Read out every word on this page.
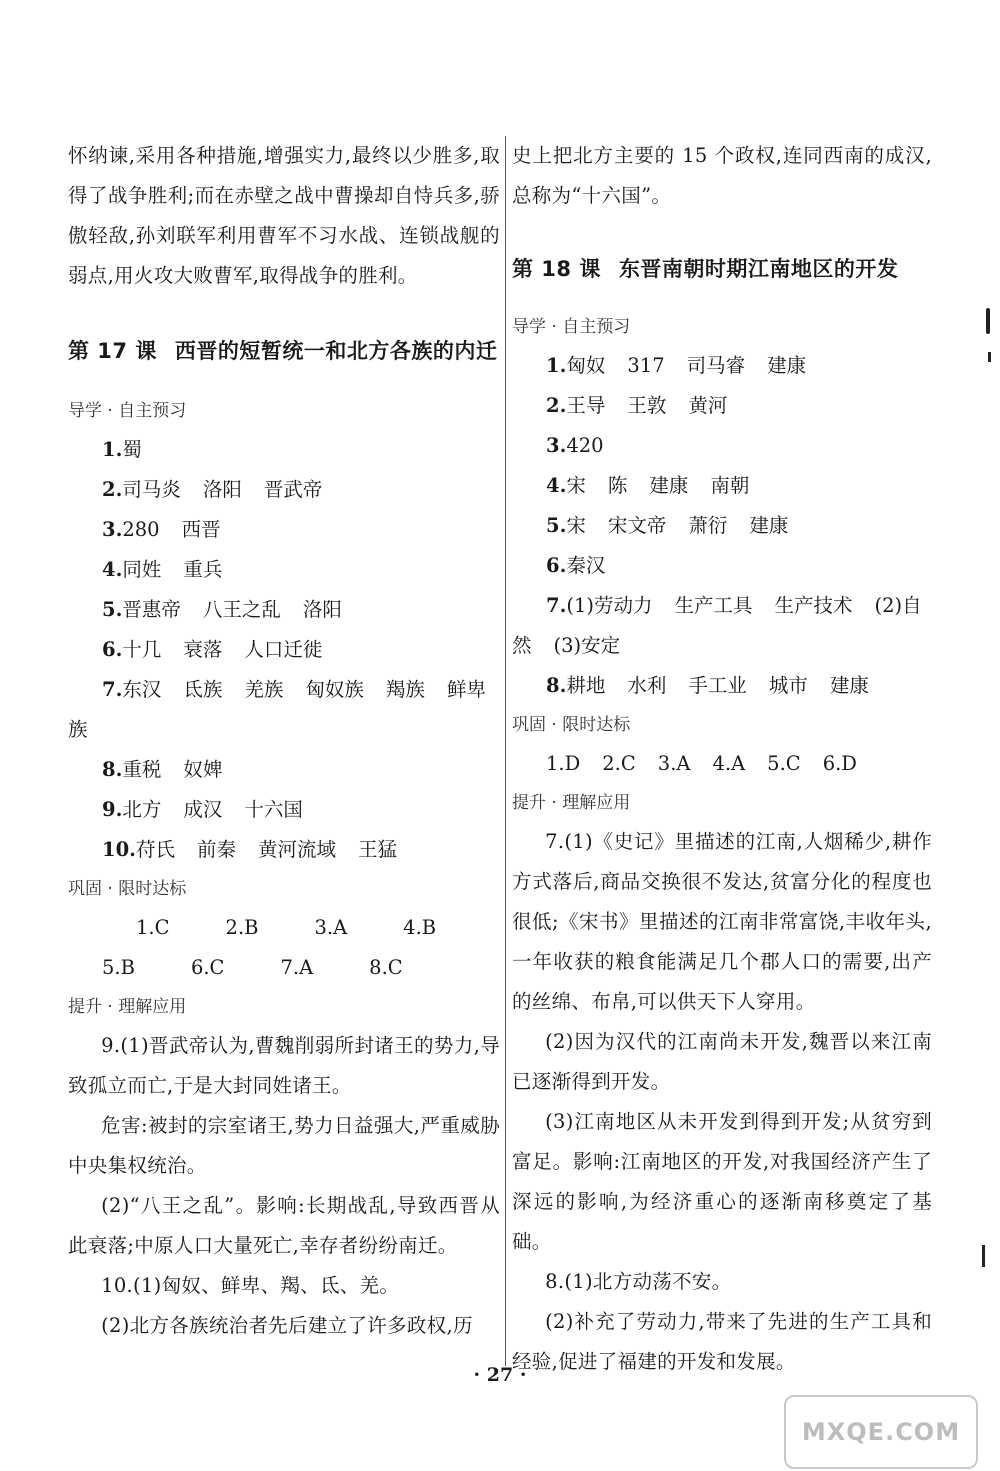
怀纳谏,采用各种措施,增强实力,最终以少胜多,取得了战争胜利;而在赤壁之战中曹操却自恃兵多,骄傲轻敌,孙刘联军利用曹军不习水战、连锁战舰的弱点,用火攻大败曹军,取得战争的胜利。

第 17 课 西晋的短暂统一和北方各族的内迁

导学 · 自主预习

1.蜀

2.司马炎 洛阳 晋武帝

3.280 西晋

4.同姓 重兵

5.晋惠帝 八王之乱 洛阳

6.十几 衰落 人口迁徙

7.东汉 氐族 羌族 匈奴族 羯族 鲜卑族

8.重税 奴婢

9.北方 成汉 十六国

10.苻氏 前秦 黄河流域 王猛

巩固 · 限时达标

1.C	2.B	3.A	4.B5.B	6.C	7.A	8.C

提升 · 理解应用

9.(1)晋武帝认为,曹魏削弱所封诸王的势力,导致孤立而亡,于是大封同姓诸王。

危害:被封的宗室诸王,势力日益强大,严重威胁中央集权统治。

(2)“八王之乱”。影响:长期战乱,导致西晋从此衰落;中原人口大量死亡,幸存者纷纷南迁。

10.(1)匈奴、鲜卑、羯、氐、羌。

(2)北方各族统治者先后建立了许多政权,历

史上把北方主要的 15 个政权,连同西南的成汉,总称为“十六国”。

第 18 课 东晋南朝时期江南地区的开发

导学 · 自主预习

1.匈奴 317 司马睿 建康

2.王导 王敦 黄河

3.420

4.宋 陈 建康 南朝

5.宋 宋文帝 萧衍 建康

6.秦汉

7.(1)劳动力 生产工具 生产技术 (2)自然 (3)安定

8.耕地 水利 手工业 城市 建康

巩固 · 限时达标

1.D 2.C 3.A 4.A 5.C 6.D

提升 · 理解应用

7.(1)《史记》里描述的江南,人烟稀少,耕作方式落后,商品交换很不发达,贫富分化的程度也很低;《宋书》里描述的江南非常富饶,丰收年头,一年收获的粮食能满足几个郡人口的需要,出产的丝绵、布帛,可以供天下人穿用。

(2)因为汉代的江南尚未开发,魏晋以来江南已逐渐得到开发。

(3)江南地区从未开发到得到开发;从贫穷到富足。影响:江南地区的开发,对我国经济产生了深远的影响,为经济重心的逐渐南移奠定了基础。

8.(1)北方动荡不安。

(2)补充了劳动力,带来了先进的生产工具和经验,促进了福建的开发和发展。

· 27 ·
MXQE.COM
